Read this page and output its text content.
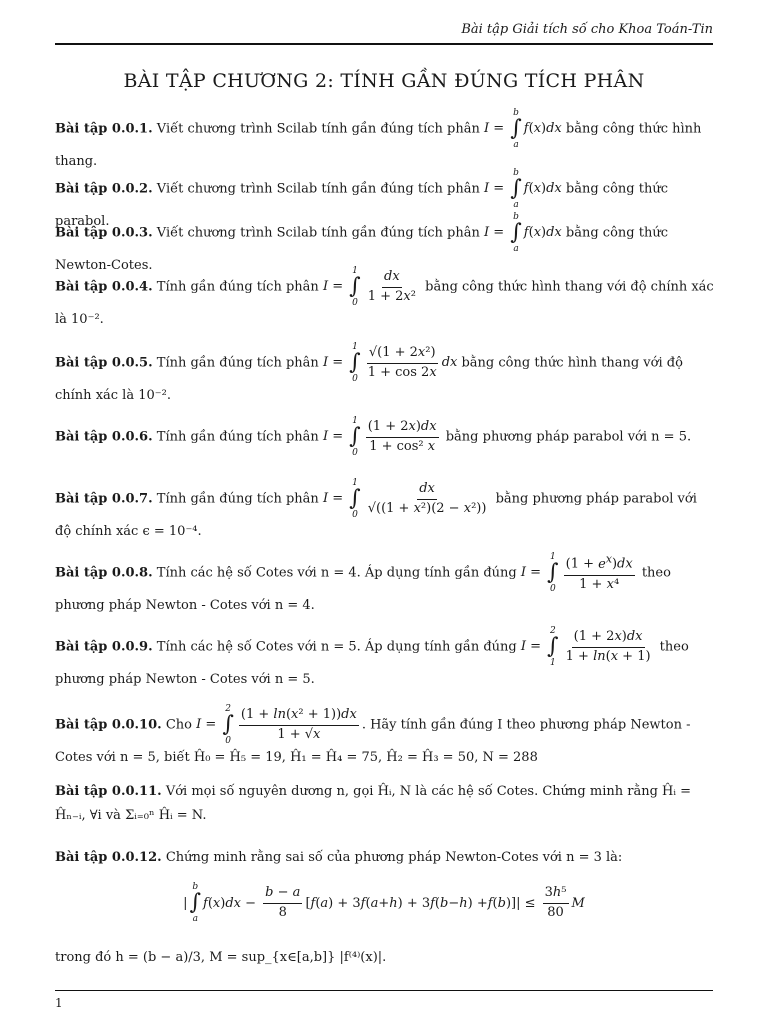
Bài tập Giải tích số cho Khoa Toán-Tin
BÀI TẬP CHƯƠNG 2: TÍNH GẦN ĐÚNG TÍCH PHÂN
Bài tập 0.0.1. Viết chương trình Scilab tính gần đúng tích phân I =
b
∫
a
f ( x ) dx bằng công thức hình thang.
Bài tập 0.0.2. Viết chương trình Scilab tính gần đúng tích phân I =
b
∫
a
f ( x ) dx bằng công thức parabol.
Bài tập 0.0.3. Viết chương trình Scilab tính gần đúng tích phân I =
b
∫
a
f ( x ) dx bằng công thức Newton-Cotes.
Bài tập 0.0.4. Tính gần đúng tích phân I =
1
∫
$0 \frac{dx}{\text{1 + 2x²}}$ bằng công thức hình thang với độ chính xác là 10⁻².
Bài tập 0.0.5. Tính gần đúng tích phân I =
1
∫
$0 \frac{\text{√(1 + 2x²)}}{1 + \cos 2x}$ dx bằng công thức hình thang với độ chính xác là 10⁻².
Bài tập 0.0.6. Tính gần đúng tích phân I =
1
∫
$0 \frac{(1 + 2x)dx}{\text{1 + cos² x}}$ bằng phương pháp parabol với n = 5.
Bài tập 0.0.7. Tính gần đúng tích phân I =
1
∫
$0 \frac{dx}{\text{√((1 + x²)(2 − x²))}}$ bằng phương pháp parabol với độ chính xác ϵ = 10⁻⁴.
Bài tập 0.0.8. Tính các hệ số Cotes với n = 4. Áp dụng tính gần đúng I =
1
∫
$0 \frac{(1 + e^x)dx}{\text{1 + x⁴}}$ theo phương pháp Newton - Cotes với n = 4.
Bài tập 0.0.9. Tính các hệ số Cotes với n = 5. Áp dụng tính gần đúng I =
2
∫
$1 \frac{(1 + 2x)dx}{1 + \ln(x + 1)}$ theo phương pháp Newton - Cotes với n = 5.
Bài tập 0.0.10. Cho I =
2
∫
$0 \frac{\text{(1 + ln(x² + 1))dx}}{1 + √x}$ . Hãy tính gần đúng I theo phương pháp Newton - Cotes với n = 5, biết Ĥ₀ = Ĥ₅ = 19, Ĥ₁ = Ĥ₄ = 75, Ĥ₂ = Ĥ₃ = 50, N = 288
Bài tập 0.0.11. Với mọi số nguyên dương n, gọi Ĥᵢ, N là các hệ số Cotes. Chứng minh rằng Ĥᵢ = Ĥₙ₋ᵢ, ∀i và Σᵢ₌₀ⁿ Ĥᵢ = N.
Bài tập 0.0.12. Chứng minh rằng sai số của phương pháp Newton-Cotes với n = 3 là:
|
b
∫
a
f ( x ) dx − $\frac{b - a}{8}$ [ f ( a ) + 3 f ( a + h ) + 3 f ( b − h ) + f ( b )]| ≤ $\frac{\text{3h⁵}}{80}$ M
trong đó h = (b − a)/3, M = sup_{x∈[a,b]} |f⁽⁴⁾(x)|.
1
